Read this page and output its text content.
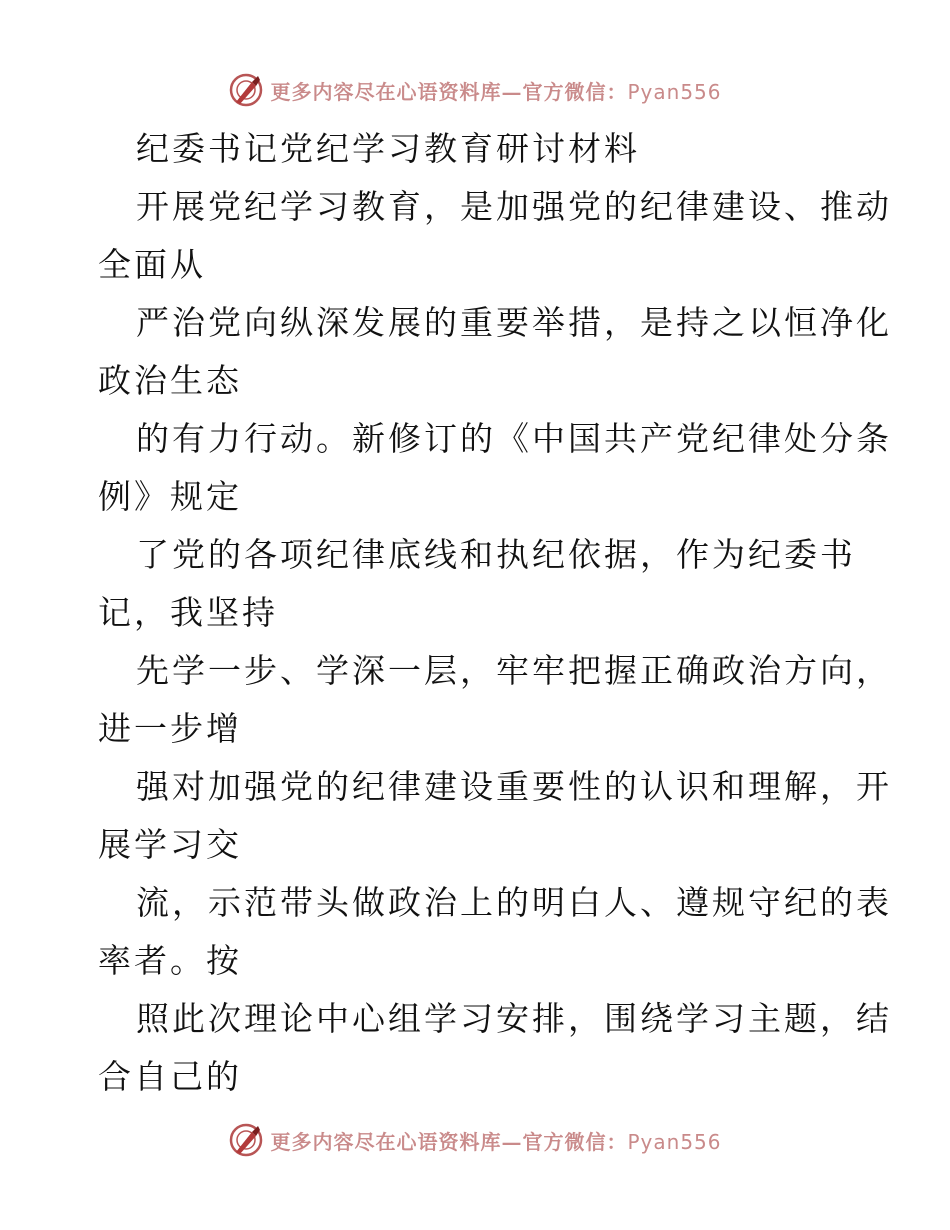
更多内容尽在心语资料库—官方微信：Pyan556
纪委书记党纪学习教育研讨材料
开展党纪学习教育，是加强党的纪律建设、推动
全面从
严治党向纵深发展的重要举措，是持之以恒净化
政治生态
的有力行动。新修订的《中国共产党纪律处分条
例》规定
了党的各项纪律底线和执纪依据，作为纪委书
记，我坚持
先学一步、学深一层，牢牢把握正确政治方向，
进一步增
强对加强党的纪律建设重要性的认识和理解，开
展学习交
流，示范带头做政治上的明白人、遵规守纪的表
率者。按
照此次理论中心组学习安排，围绕学习主题，结
合自己的
更多内容尽在心语资料库—官方微信：Pyan556
